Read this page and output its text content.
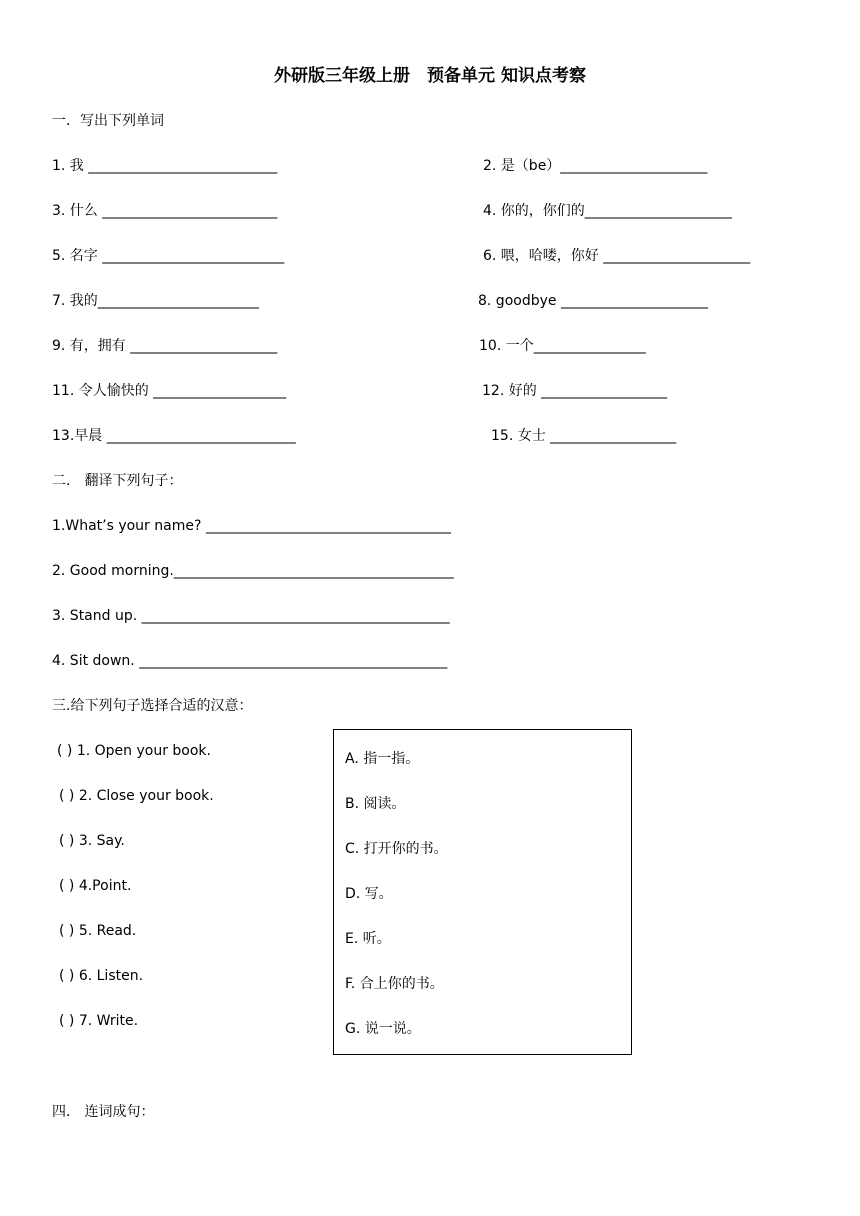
外研版三年级上册　预备单元 知识点考察
一．写出下列单词
1. 我 ___________________________	2. 是（be）_____________________
3. 什么 _________________________	4. 你的，你们的_____________________
5. 名字 __________________________	6. 喂，哈喽，你好 _____________________
7. 我的_______________________	8. goodbye _____________________
9. 有，拥有 _____________________	10. 一个________________
11. 令人愉快的 ___________________	12. 好的 __________________
13.早晨 ___________________________	15. 女士 __________________
二． 翻译下列句子：
1.What’s your name? ___________________________________
2. Good morning.________________________________________
3. Stand up. ____________________________________________
4. Sit down. ____________________________________________
三.给下列句子选择合适的汉意：
( ) 1. Open your book.
( ) 2. Close your book.
( ) 3. Say.
( ) 4.Point.
( ) 5. Read.
( ) 6. Listen.
( ) 7. Write.
A. 指一指。
B. 阅读。
C. 打开你的书。
D. 写。
E. 听。
F. 合上你的书。
G. 说一说。
四． 连词成句：
